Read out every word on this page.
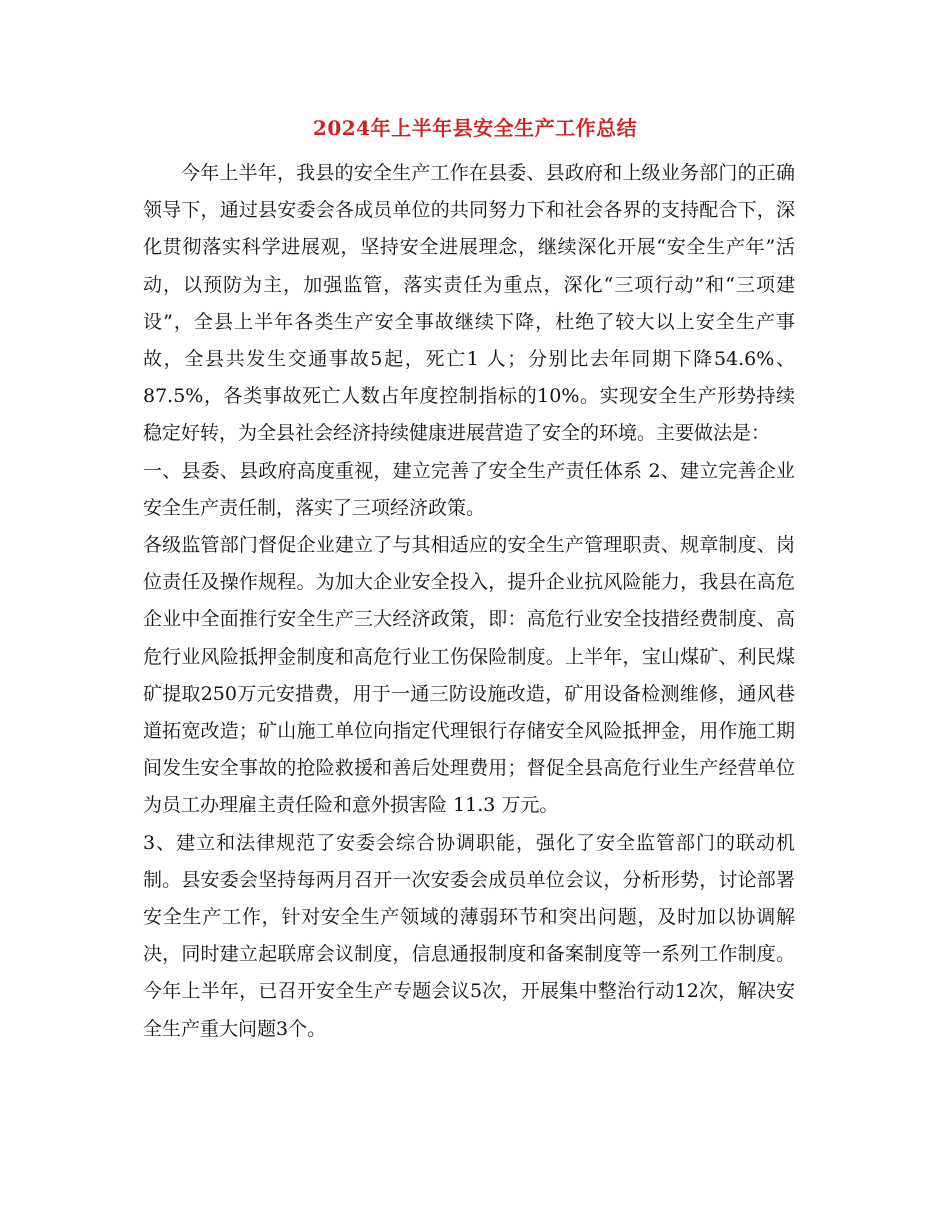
2024年上半年县安全生产工作总结

今年上半年，我县的安全生产工作在县委、县政府和上级业务部门的正确领导下，通过县安委会各成员单位的共同努力下和社会各界的支持配合下，深化贯彻落实科学进展观，坚持安全进展理念，继续深化开展“安全生产年”活动，以预防为主，加强监管，落实责任为重点，深化“三项行动”和“三项建设”，全县上半年各类生产安全事故继续下降，杜绝了较大以上安全生产事故，全县共发生交通事故5起，死亡1 人；分别比去年同期下降54.6%、87.5%，各类事故死亡人数占年度控制指标的10%。实现安全生产形势持续稳定好转，为全县社会经济持续健康进展营造了安全的环境。主要做法是：

一、县委、县政府高度重视，建立完善了安全生产责任体系 2、建立完善企业安全生产责任制，落实了三项经济政策。

各级监管部门督促企业建立了与其相适应的安全生产管理职责、规章制度、岗位责任及操作规程。为加大企业安全投入，提升企业抗风险能力，我县在高危企业中全面推行安全生产三大经济政策，即：高危行业安全技措经费制度、高危行业风险抵押金制度和高危行业工伤保险制度。上半年，宝山煤矿、利民煤矿提取250万元安措费，用于一通三防设施改造，矿用设备检测维修，通风巷道拓宽改造；矿山施工单位向指定代理银行存储安全风险抵押金，用作施工期间发生安全事故的抢险救援和善后处理费用；督促全县高危行业生产经营单位为员工办理雇主责任险和意外损害险 11.3 万元。

3、建立和法律规范了安委会综合协调职能，强化了安全监管部门的联动机制。县安委会坚持每两月召开一次安委会成员单位会议，分析形势，讨论部署安全生产工作，针对安全生产领域的薄弱环节和突出问题，及时加以协调解决，同时建立起联席会议制度，信息通报制度和备案制度等一系列工作制度。今年上半年，已召开安全生产专题会议5次，开展集中整治行动12次，解决安全生产重大问题3个。
